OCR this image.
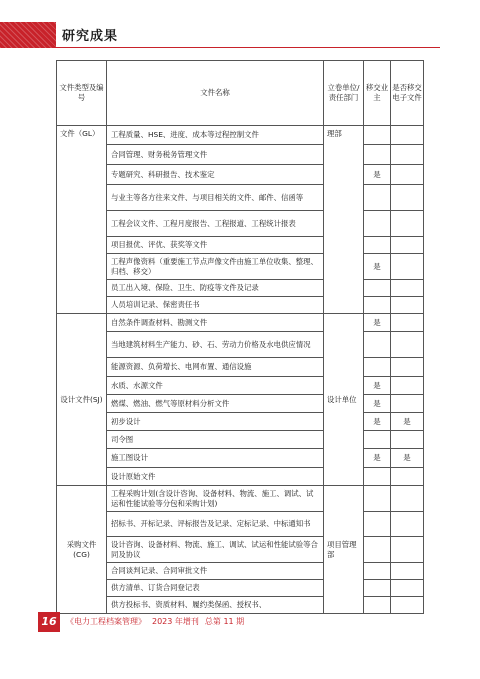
研究成果
文件类型及编号	文件名称	立卷单位/责任部门	移交业主	是否移交电子文件
文件（GL）	工程质量、HSE、进度、成本等过程控制文件	理部		
	合同管理、财务税务管理文件			
	专题研究、科研报告、技术鉴定		是	
	与业主等各方往来文件、与项目相关的文件、邮件、信函等			
	工程会议文件、工程月度报告、工程报道、工程统计报表			
	项目报优、评优、获奖等文件			
	工程声像资料（重要施工节点声像文件由施工单位收集、整理、归档、移交）		是	
	员工出入境、保险、卫生、防疫等文件及记录			
	人员培训记录、保密责任书			
设计文件(SJ)	自然条件调查材料、勘测文件	设计单位	是	
	当地建筑材料生产能力、砂、石、劳动力价格及水电供应情况			
	能源资源、负荷增长、电网布置、通信设施			
	水质、水源文件		是	
	燃煤、燃油、燃气等原材料分析文件		是	
	初步设计		是	是
	司令图			
	施工图设计		是	是
	设计原始文件			
采购文件(CG)	工程采购计划(含设计咨询、设备材料、物流、施工、调试、试运和性能试验等分包和采购计划)	项目管理部		
	招标书、开标记录、评标报告及记录、定标记录、中标通知书			
	设计咨询、设备材料、物流、施工、调试、试运和性能试验等合同及协议			
	合同谈判记录、合同审批文件			
	供方清单、订货合同登记表			
	供方投标书、资质材料、履约类保函、授权书、			
16	《电力工程档案管理》 2023 年增刊 总第 11 期
